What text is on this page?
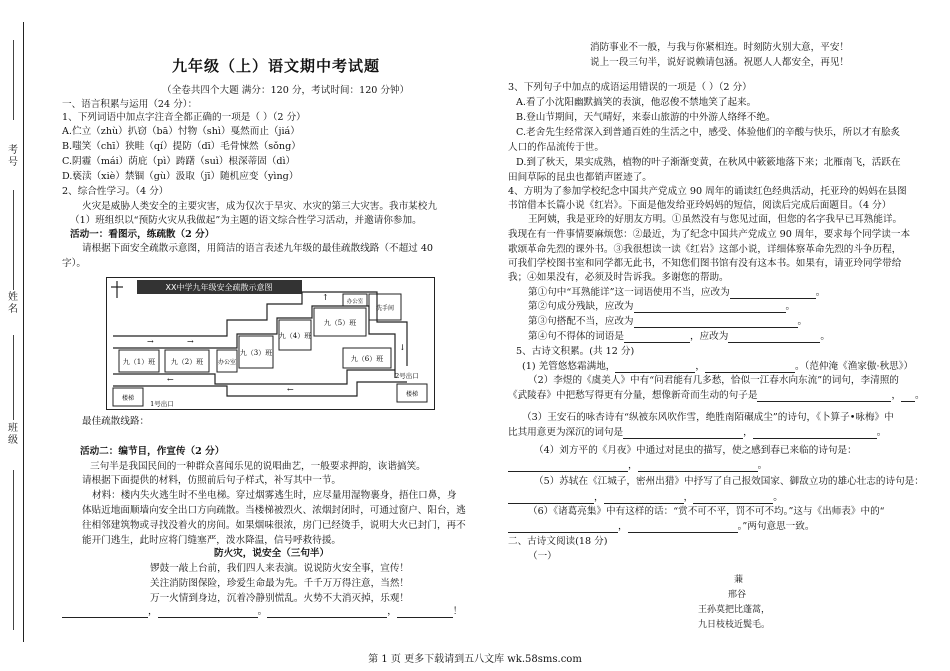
考号
姓名
班级
九年级（上）语文期中考试题
（全卷共四个大题 满分：120 分，考试时间：120 分钟）
一、语言积累与运用（24 分）：
1、下列词语中加点字注音全都正确的一项是（ ）（2 分）
A.伫立（zhù）扒窃（bā）忖物（shì）戛然而止（jiá）
B.嗤笑（chī）狭畦（qí）提防（dī）毛骨悚然（sǒng）
C.阴霾（mái）荫庇（pì）踌躇（suì）根深蒂固（dì）
D.亵渎（xiè）禁锢（gù）汲取（jī）随机应变（yìng）
2、综合性学习。（4 分）
火灾是威胁人类安全的主要灾害，成为仅次于旱灾、水灾的第三大灾害。我市某校九
（1）班组织以“预防火灾从我做起”为主题的语文综合性学习活动，并邀请你参加。
活动一：看图示，练疏散（2 分）
请根据下面安全疏散示意图，用简洁的语言表述九年级的最佳疏散线路（不超过 40
字）。
最佳疏散线路：
活动二：编节目，作宣传（2 分）
三句半是我国民间的一种群众喜闻乐见的说唱曲艺，一般要求押韵，诙谐搞笑。
请根据下面提供的材料，仿照前后句子样式，补写其中一节。
材料：楼内失火逃生时不坐电梯。穿过烟雾逃生时，应尽量用湿物裹身，捂住口鼻，身
体贴近地面顺墙向安全出口方向疏散。当楼梯被烈火、浓烟封闭时，可通过窗户、阳台，逃
往相邻建筑物或寻找没着火的房间。如果烟味很浓，房门已经烫手，说明大火已封门，再不
能开门逃生，此时应将门缝塞严，泼水降温，信号呼救待援。
防火灾，说安全（三句半）
锣鼓一敲上台前，我们四人来表演。说说防火安全事，宣传！
关注消防图保险，珍爱生命最为先。千千万万得注意，当然！
万一火情到身边，沉着冷静别慌乱。火势不大消灭掉，乐观！
，	。	，	！
XX中学九年级安全疏散示意图
九（1）班 九（2）班
九（3）班
九（4）班
九（5）班
九（6）班
办公室
办公室
洗手间
→	→
←
←
↓
↑
楼梯
楼梯
1号出口
2号出口
消防事业不一般，与我与你紧相连。时刻防火别大意，平安！
说上一段三句半，说好说赖请包涵。祝愿人人都安全，再见！
3、下列句子中加点的成语运用错误的一项是（ ）（2 分）
A.看了小沈阳幽默搞笑的表演，他忍俊不禁地笑了起来。
B.登山节期间，天气晴好，来泰山旅游的中外游人络绎不绝。
C.老舍先生经常深入到普通百姓的生活之中，感受、体验他们的辛酸与快乐，所以才有脍炙
人口的作品流传于世。
D.到了秋天，果实成熟，植物的叶子渐渐变黄，在秋风中簌簌地落下来；北雁南飞，活跃在
田间草际的昆虫也都销声匿迹了。
4、方明为了参加学校纪念中国共产党成立 90 周年的诵读红色经典活动，托亚玲的妈妈在县图
书馆借本长篇小说《红岩》。下面是他发给亚玲妈妈的短信，阅读后完成后面题目。（4 分）
王阿姨，我是亚玲的好朋友方明。①虽然没有与您见过面，但您的名字我早已耳熟能详。
我现在有一件事情要麻烦您：②最近，为了纪念中国共产党成立 90 周年，要求每个同学读一本
歌颂革命先烈的课外书。③我很想读一读《红岩》这部小说，详细体察革命先烈的斗争历程，
可我们学校图书室和同学都无此书，不知您们图书馆有没有这本书。如果有，请亚玲同学带给
我；④如果没有，必须及时告诉我。多谢您的帮助。
第①句中“耳熟能详”这一词语使用不当，应改为	。
第②句成分残缺，应改为	。
第③句搭配不当，应改为	。
第④句不得体的词语是	，应改为	。
5、古诗文积累。(共 12 分)
(1) 羌管悠悠霜满地，	，	。（范仲淹《渔家傲·秋思》）
（2）李煜的《虞美人》中有“问君能有几多愁，恰似一江春水向东流”的词句，李清照的
《武陵春》中把愁写得更有分量，想像新奇而生动的句子是	， 。
（3）王安石的咏杏诗有“纵被东风吹作雪，绝胜南陌碾成尘”的诗句，《卜算子•咏梅》中
比其用意更为深沉的词句是	，	。
（4）刘方平的《月夜》中通过对昆虫的描写，使之感到春已来临的诗句是：
，	。
（5）苏轼在《江城子，密州出猎》中抒写了自己报效国家、御敌立功的雄心壮志的诗句是：
，	，	。
（6）《诸葛亮集》中有这样的话：“赏不可不平，罚不可不均。”这与《出师表》中的“
，	。”两句意思一致。
二、古诗文阅读(18 分)
（一）
蒹
邢谷
王孙莫把比蓬蒿，
九日枝枝近鬓毛。
第 1 页 更多下载请到五八文库 wk.58sms.com
